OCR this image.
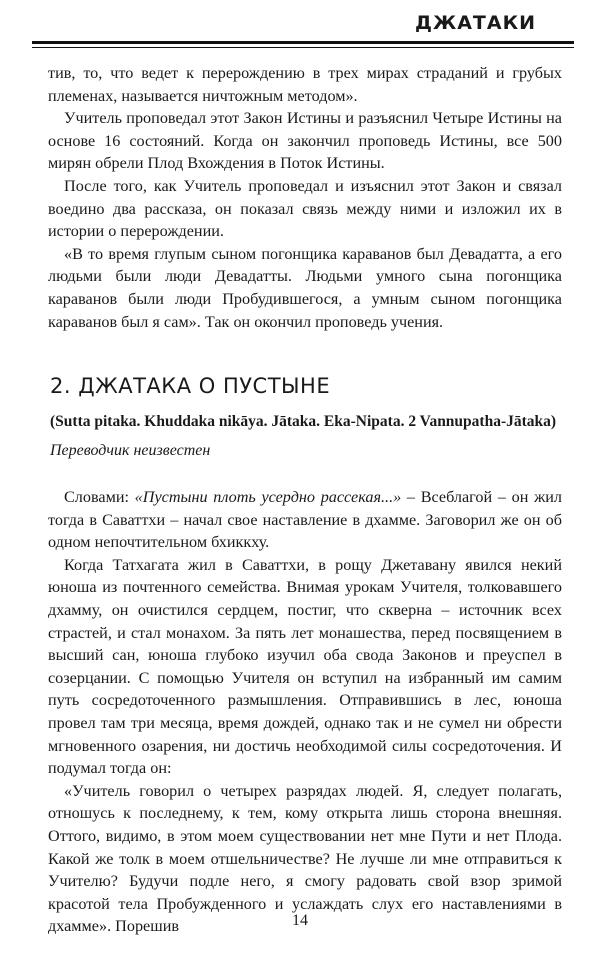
ДЖАТАКИ

тив, то, что ведет к перерождению в трех мирах страданий и грубых племенах, называется ничтожным методом».

Учитель проповедал этот Закон Истины и разъяснил Четыре Истины на основе 16 состояний. Когда он закончил проповедь Истины, все 500 мирян обрели Плод Вхождения в Поток Истины.

После того, как Учитель проповедал и изъяснил этот Закон и связал воедино два рассказа, он показал связь между ними и изложил их в истории о перерождении.

«В то время глупым сыном погонщика караванов был Девадатта, а его людьми были люди Девадатты. Людьми умного сына погонщика караванов были люди Пробудившегося, а умным сыном погонщика караванов был я сам». Так он окончил проповедь учения.

2. ДЖАТАКА О ПУСТЫНЕ

(Sutta pitaka. Khuddaka nikāya. Jātaka. Eka-Nipata. 2 Vannupatha-Jātaka)

Переводчик неизвестен

Словами: «Пустыни плоть усердно рассекая...» – Всеблагой – он жил тогда в Саваттхи – начал свое наставление в дхамме. Заговорил же он об одном непочтительном бхиккху.

Когда Татхагата жил в Саваттхи, в рощу Джетавану явился некий юноша из почтенного семейства. Внимая урокам Учителя, толковавшего дхамму, он очистился сердцем, постиг, что скверна – источник всех страстей, и стал монахом. За пять лет монашества, перед посвящением в высший сан, юноша глубоко изучил оба свода Законов и преуспел в созерцании. С помощью Учителя он вступил на избранный им самим путь сосредоточенного размышления. Отправившись в лес, юноша провел там три месяца, время дождей, однако так и не сумел ни обрести мгновенного озарения, ни достичь необходимой силы сосредоточения. И подумал тогда он:

«Учитель говорил о четырех разрядах людей. Я, следует полагать, отношусь к последнему, к тем, кому открыта лишь сторона внешняя. Оттого, видимо, в этом моем существовании нет мне Пути и нет Плода. Какой же толк в моем отшельничестве? Не лучше ли мне отправиться к Учителю? Будучи подле него, я смогу радовать свой взор зримой красотой тела Пробужденного и услаждать слух его наставлениями в дхамме». Порешив	14
